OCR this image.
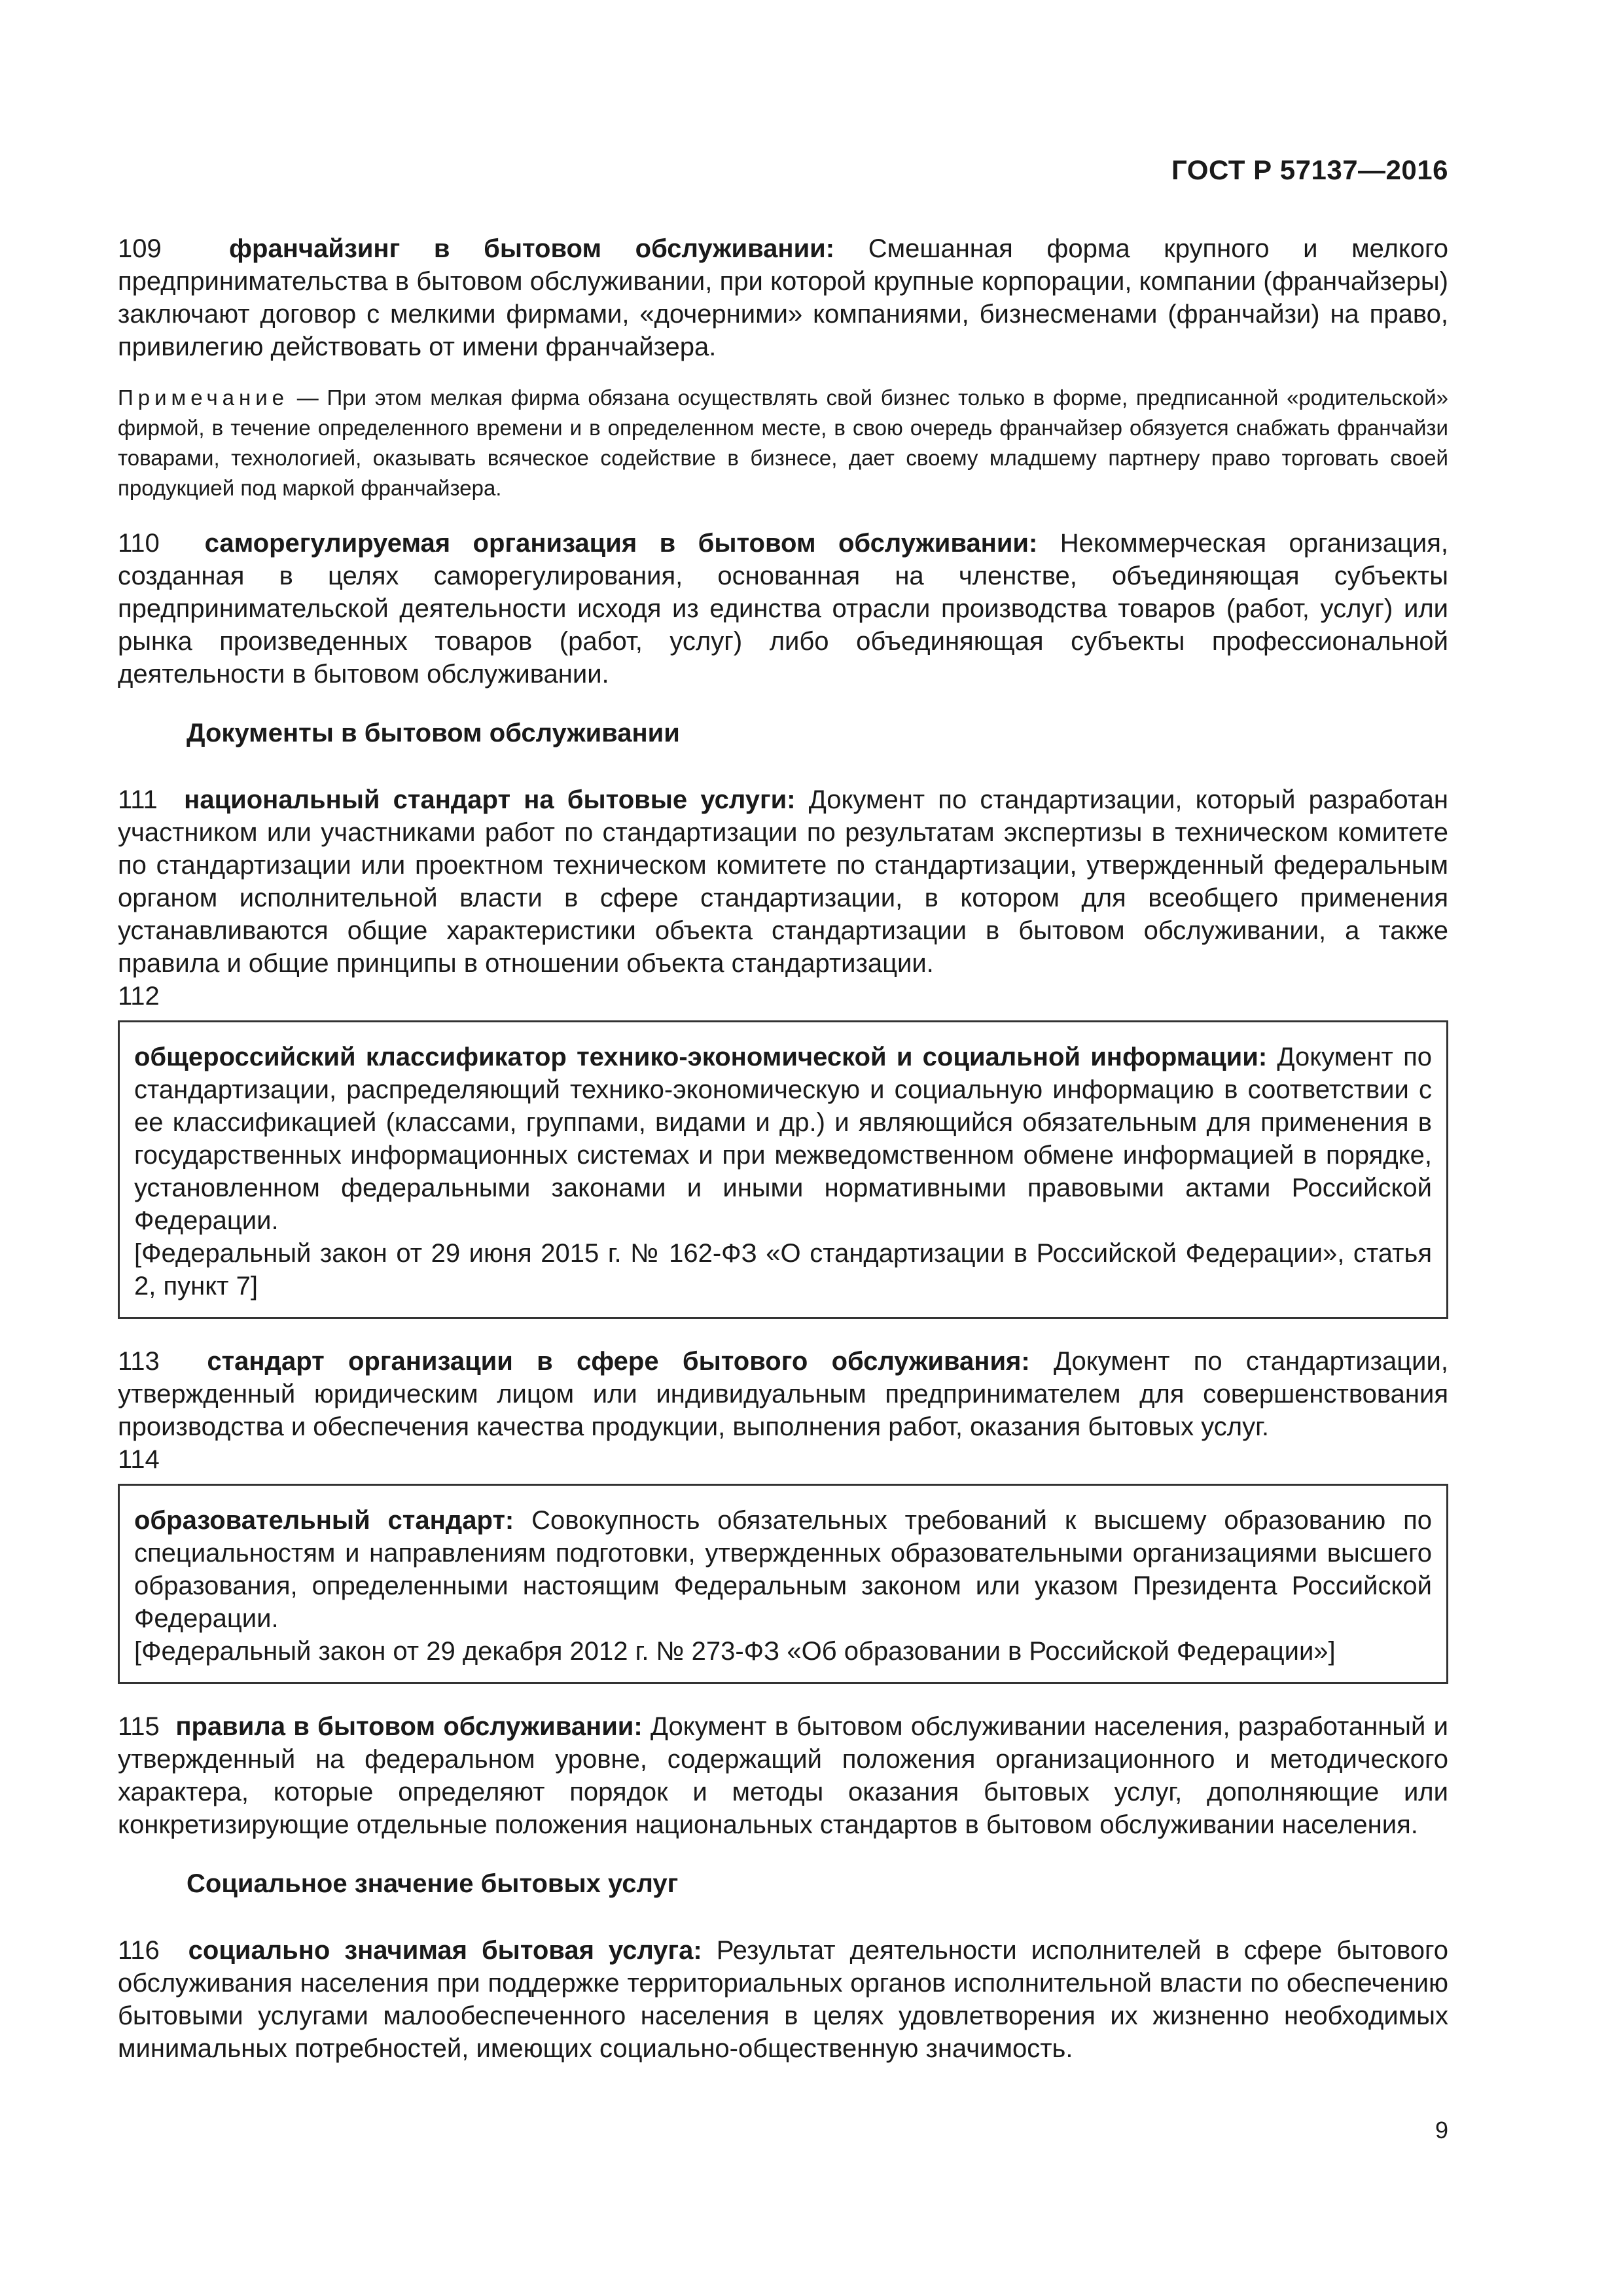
ГОСТ Р 57137—2016

109	франчайзинг в бытовом обслуживании: Смешанная форма крупного и мелкого предпринимательства в бытовом обслуживании, при которой крупные корпорации, компании (франчайзеры) заключают договор с мелкими фирмами, «дочерними» компаниями, бизнесменами (франчайзи) на право, привилегию действовать от имени франчайзера.

Примечание — При этом мелкая фирма обязана осуществлять свой бизнес только в форме, предписанной «родительской» фирмой, в течение определенного времени и в определенном месте, в свою очередь франчайзер обязуется снабжать франчайзи товарами, технологией, оказывать всяческое содействие в бизнесе, дает своему младшему партнеру право торговать своей продукцией под маркой франчайзера.

110 саморегулируемая организация в бытовом обслуживании: Некоммерческая организация, созданная в целях саморегулирования, основанная на членстве, объединяющая субъекты предпринимательской деятельности исходя из единства отрасли производства товаров (работ, услуг) или рынка произведенных товаров (работ, услуг) либо объединяющая субъекты профессиональной деятельности в бытовом обслуживании.

Документы в бытовом обслуживании

111 национальный стандарт на бытовые услуги: Документ по стандартизации, который разработан участником или участниками работ по стандартизации по результатам экспертизы в техническом комитете по стандартизации или проектном техническом комитете по стандартизации, утвержденный федеральным органом исполнительной власти в сфере стандартизации, в котором для всеобщего применения устанавливаются общие характеристики объекта стандартизации в бытовом обслуживании, а также правила и общие принципы в отношении объекта стандартизации.

112

общероссийский классификатор технико-экономической и социальной информации: Документ по стандартизации, распределяющий технико-экономическую и социальную информацию в соответствии с ее классификацией (классами, группами, видами и др.) и являющийся обязательным для применения в государственных информационных системах и при межведомственном обмене информацией в порядке, установленном федеральными законами и иными нормативными правовыми актами Российской Федерации.

[Федеральный закон от 29 июня 2015 г. № 162-ФЗ «О стандартизации в Российской Федерации», статья 2, пункт 7]

113 стандарт организации в сфере бытового обслуживания: Документ по стандартизации, утвержденный юридическим лицом или индивидуальным предпринимателем для совершенствования производства и обеспечения качества продукции, выполнения работ, оказания бытовых услуг.

114

образовательный стандарт: Совокупность обязательных требований к высшему образованию по специальностям и направлениям подготовки, утвержденных образовательными организациями высшего образования, определенными настоящим Федеральным законом или указом Президента Российской Федерации.

[Федеральный закон от 29 декабря 2012 г. № 273-ФЗ «Об образовании в Российской Федерации»]

115 правила в бытовом обслуживании: Документ в бытовом обслуживании населения, разработанный и утвержденный на федеральном уровне, содержащий положения организационного и методического характера, которые определяют порядок и методы оказания бытовых услуг, дополняющие или конкретизирующие отдельные положения национальных стандартов в бытовом обслуживании населения.

Социальное значение бытовых услуг

116 социально значимая бытовая услуга: Результат деятельности исполнителей в сфере бытового обслуживания населения при поддержке территориальных органов исполнительной власти по обеспечению бытовыми услугами малообеспеченного населения в целях удовлетворения их жизненно необходимых минимальных потребностей, имеющих социально-общественную значимость.

9
